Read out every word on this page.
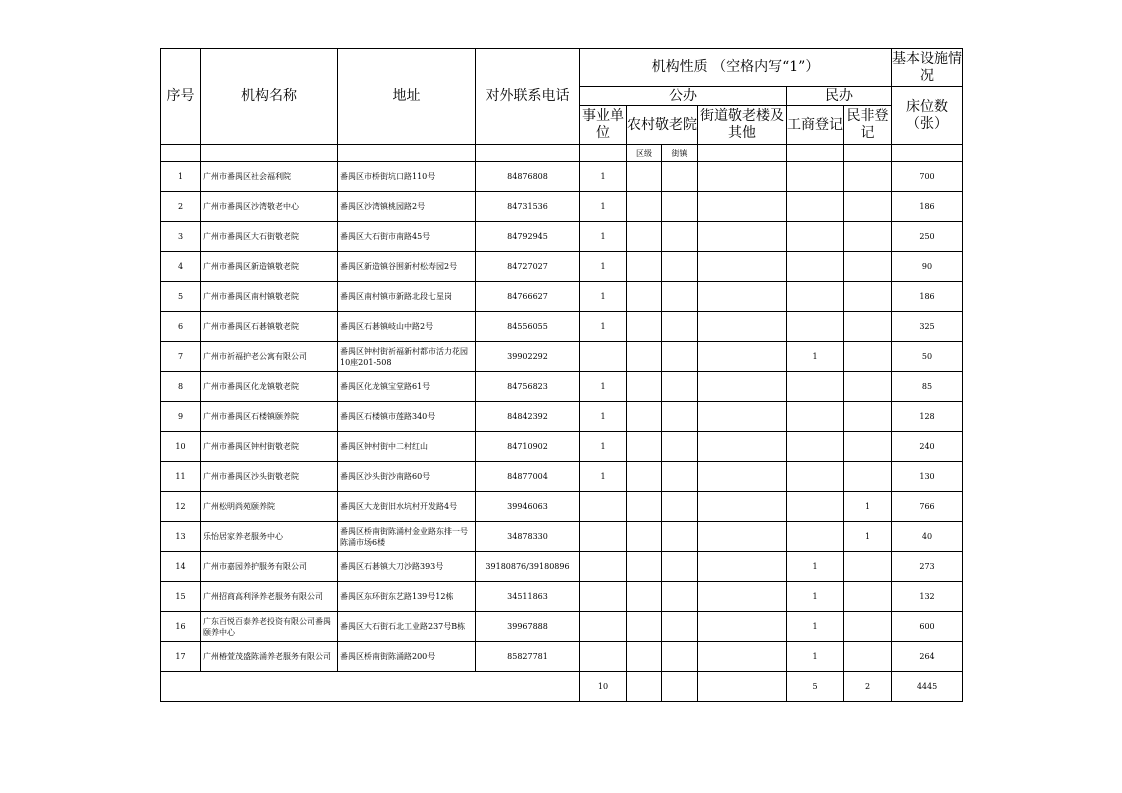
序号	机构名称	地址	对外联系电话	机构性质 （空格内写“1”）						基本设施情况
				公办				民办		床位数（张）
				事业单位	农村敬老院		街道敬老楼及其他	工商登记	民非登记	
					区级	街镇				
1	广州市番禺区社会福利院	番禺区市桥街坑口路110号	84876808	1						700
2	广州市番禺区沙湾敬老中心	番禺区沙湾镇桃园路2号	84731536	1						186
3	广州市番禺区大石街敬老院	番禺区大石街市南路45号	84792945	1						250
4	广州市番禺区新造镇敬老院	番禺区新造镇谷围新村松寿园2号	84727027	1						90
5	广州市番禺区南村镇敬老院	番禺区南村镇市新路北段七星岗	84766627	1						186
6	广州市番禺区石碁镇敬老院	番禺区石碁镇岐山中路2号	84556055	1						325
7	广州市祈福护老公寓有限公司	番禺区钟村街祈福新村都市活力花园10座201-508	39902292					1		50
8	广州市番禺区化龙镇敬老院	番禺区化龙镇宝堂路61号	84756823	1						85
9	广州市番禺区石楼镇颐养院	番禺区石楼镇市莲路340号	84842392	1						128
10	广州市番禺区钟村街敬老院	番禺区钟村街中二村红山	84710902	1						240
11	广州市番禺区沙头街敬老院	番禺区沙头街沙南路60号	84877004	1						130
12	广州松明尚苑颐养院	番禺区大龙街旧水坑村开发路4号	39946063						1	766
13	乐怡居家养老服务中心	番禺区桥南街陈涌村金业路东排一号陈涌市场6楼	34878330						1	40
14	广州市嘉园养护服务有限公司	番禺区石碁镇大刀沙路393号	39180876/39180896					1		273
15	广州招商高利泽养老服务有限公司	番禺区东环街东艺路139号12栋	34511863					1		132
16	广东百悦百泰养老投资有限公司番禺颐养中心	番禺区大石街石北工业路237号B栋	39967888					1		600
17	广州椿萱茂盛陈涌养老服务有限公司	番禺区桥南街陈涌路200号	85827781					1		264
				10				5	2	4445
